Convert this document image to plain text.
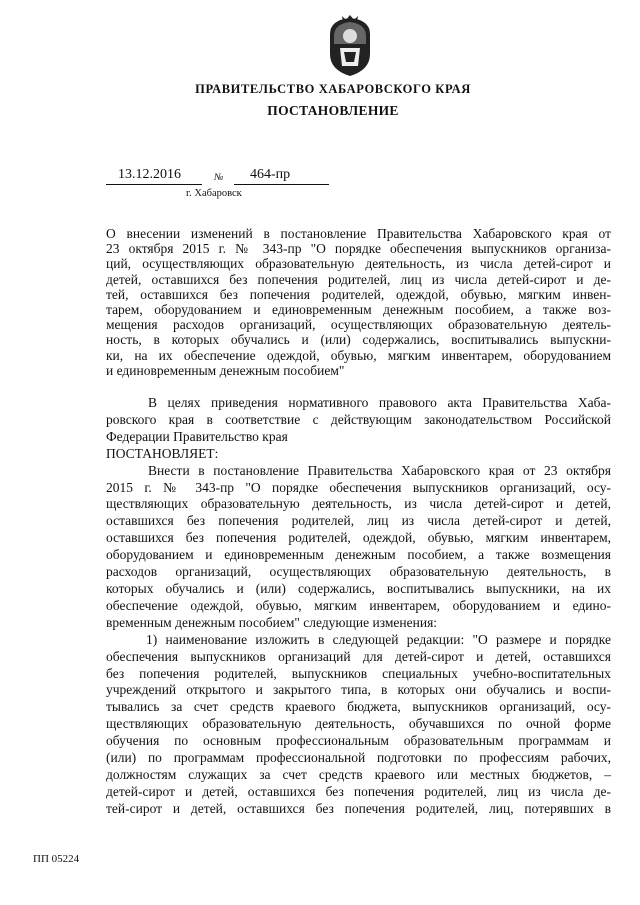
ПРАВИТЕЛЬСТВО ХАБАРОВСКОГО КРАЯ
ПОСТАНОВЛЕНИЕ
13.12.2016	№	464-пр
г. Хабаровск
О внесении изменений в постановление Правительства Хабаровского края от
23 октября 2015 г. № 343-пр "О порядке обеспечения выпускников организа-
ций, осуществляющих образовательную деятельность, из числа детей-сирот и
детей, оставшихся без попечения родителей, лиц из числа детей-сирот и де-
тей, оставшихся без попечения родителей, одеждой, обувью, мягким инвен-
тарем, оборудованием и единовременным денежным пособием, а также воз-
мещения расходов организаций, осуществляющих образовательную деятель-
ность, в которых обучались и (или) содержались, воспитывались выпускни-
ки, на их обеспечение одеждой, обувью, мягким инвентарем, оборудованием
и единовременным денежным пособием"
В целях приведения нормативного правового акта Правительства Хаба-
ровского края в соответствие с действующим законодательством Российской
Федерации Правительство края
ПОСТАНОВЛЯЕТ:
Внести в постановление Правительства Хабаровского края от 23 октября
2015 г. № 343-пр "О порядке обеспечения выпускников организаций, осу-
ществляющих образовательную деятельность, из числа детей-сирот и детей,
оставшихся без попечения родителей, лиц из числа детей-сирот и детей,
оставшихся без попечения родителей, одеждой, обувью, мягким инвентарем,
оборудованием и единовременным денежным пособием, а также возмещения
расходов организаций, осуществляющих образовательную деятельность, в
которых обучались и (или) содержались, воспитывались выпускники, на их
обеспечение одеждой, обувью, мягким инвентарем, оборудованием и едино-
временным денежным пособием" следующие изменения:
1) наименование изложить в следующей редакции: "О размере и порядке
обеспечения выпускников организаций для детей-сирот и детей, оставшихся
без попечения родителей, выпускников специальных учебно-воспитательных
учреждений открытого и закрытого типа, в которых они обучались и воспи-
тывались за счет средств краевого бюджета, выпускников организаций, осу-
ществляющих образовательную деятельность, обучавшихся по очной форме
обучения по основным профессиональным образовательным программам и
(или) по программам профессиональной подготовки по профессиям рабочих,
должностям служащих за счет средств краевого или местных бюджетов, –
детей-сирот и детей, оставшихся без попечения родителей, лиц из числа де-
тей-сирот и детей, оставшихся без попечения родителей, лиц, потерявших в
ПП 05224
